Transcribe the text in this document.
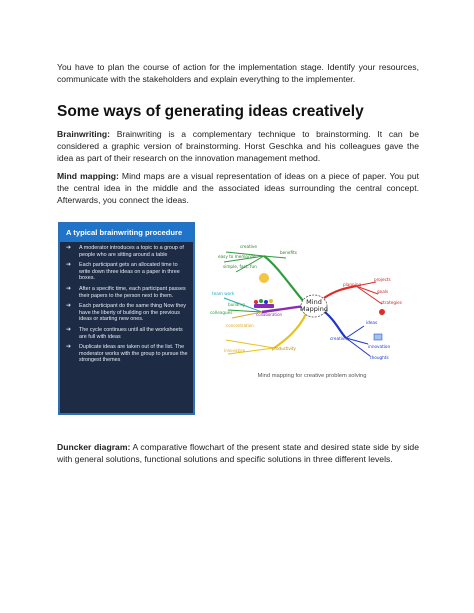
You have to plan the course of action for the implementation stage. Identify your resources, communicate with the stakeholders and explain everything to the implementer.

Some ways of generating ideas creatively

Brainwriting: Brainwriting is a complementary technique to brainstorming. It can be considered a graphic version of brainstorming. Horst Geschka and his colleagues gave the idea as part of their research on the innovation management method.

Mind mapping: Mind maps are a visual representation of ideas on a piece of paper. You put the central idea in the middle and the associated ideas surrounding the central concept. Afterwards, you connect the ideas.

A typical brainwriting procedure
➔ A moderator introduces a topic to a group of people who are sitting around a table
➔ Each participant gets an allocated time to write down three ideas on a paper in three boxes.
➔ After a specific time, each participant passes their papers to the person next to them.
➔ Each participant do the same thing Now they have the liberty of building on the previous ideas or starting new ones.
➔ The cycle continues until all the worksheets are full with ideas
➔ Duplicate ideas are taken out of the list. The moderator works with the group to pursue the strongest themes
Mind
Mapping
creative
benefits
easy to memorize
simple, fast, fun
team work
building
colleagues	collaboration
concentration
innovation	productivity
planning
projects
goals
strategies
ideas
creativity
innovation
thoughts

Mind mapping for creative problem solving

Duncker diagram: A comparative flowchart of the present state and desired state side by side with general solutions, functional solutions and specific solutions in three different levels.
